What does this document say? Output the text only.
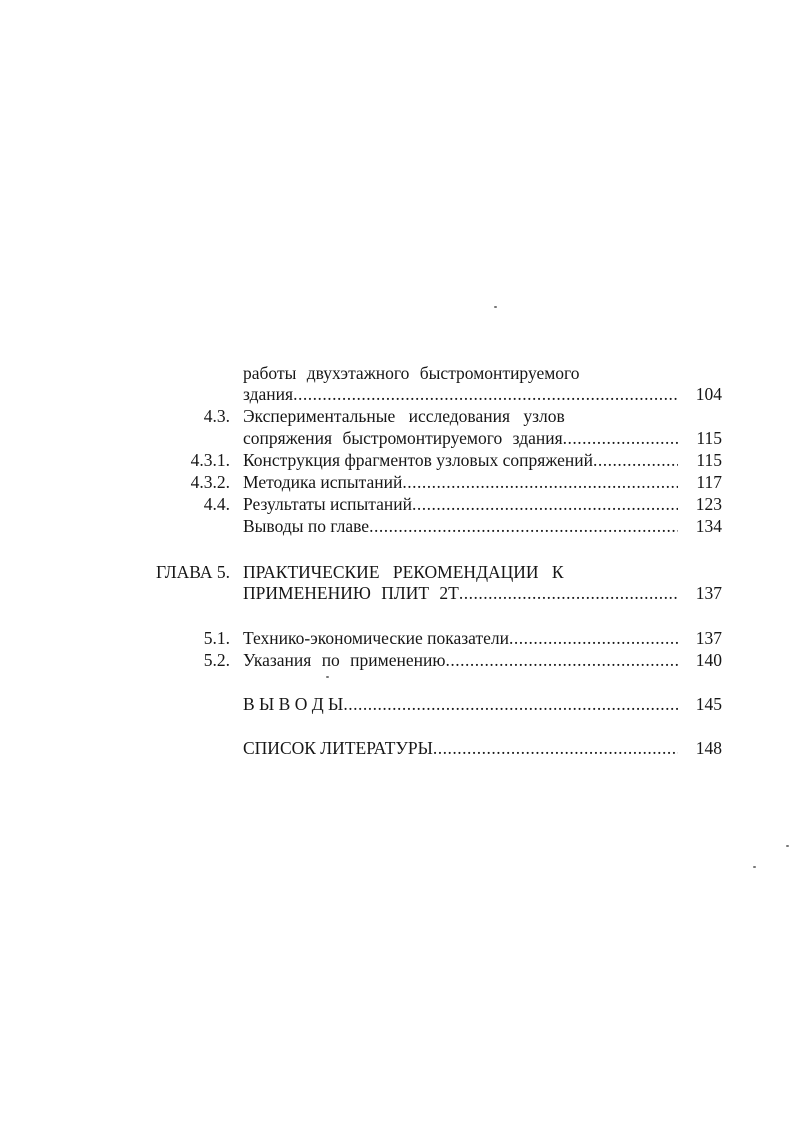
работы двухэтажного быстромонтируемого
здания .....	104
4.3. Экспериментальные исследования узлов
сопряжения быстромонтируемого здания .....	115
4.3.1. Конструкция фрагментов узловых сопряжений .....	115
4.3.2. Методика испытаний .....	117
4.4. Результаты испытаний .....	123
Выводы по главе .....	134
ГЛАВА 5. ПРАКТИЧЕСКИЕ РЕКОМЕНДАЦИИ К
ПРИМЕНЕНИЮ ПЛИТ 2Т .....	137
5.1. Технико-экономические показатели .....	137
5.2. Указания по применению .....	140
В Ы В О Д Ы .....	145
СПИСОК ЛИТЕРАТУРЫ .....	148
